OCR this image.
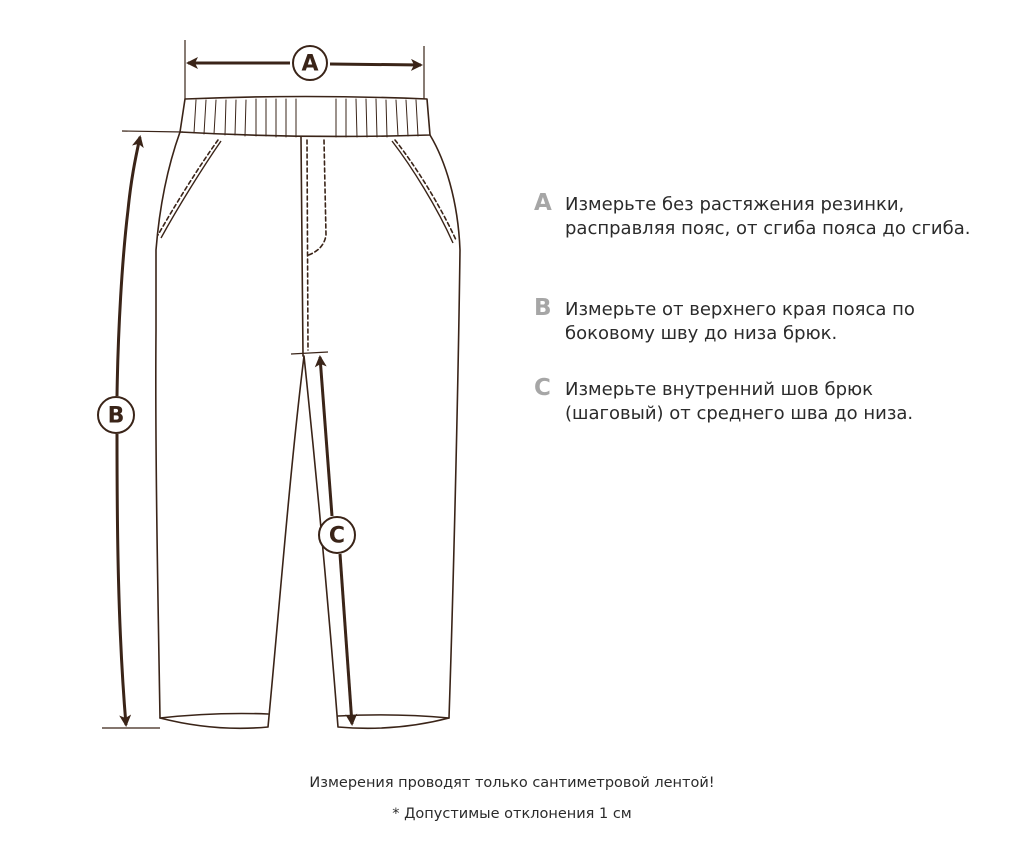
A
B
C
A Измерьте без растяжения резинки, расправляя пояс, от сгиба пояса до сгиба.
B Измерьте от верхнего края пояса по боковому шву до низа брюк.
C Измерьте внутренний шов брюк (шаговый) от среднего шва до низа.
Измерения проводят только сантиметровой лентой!
* Допустимые отклонения 1 см
